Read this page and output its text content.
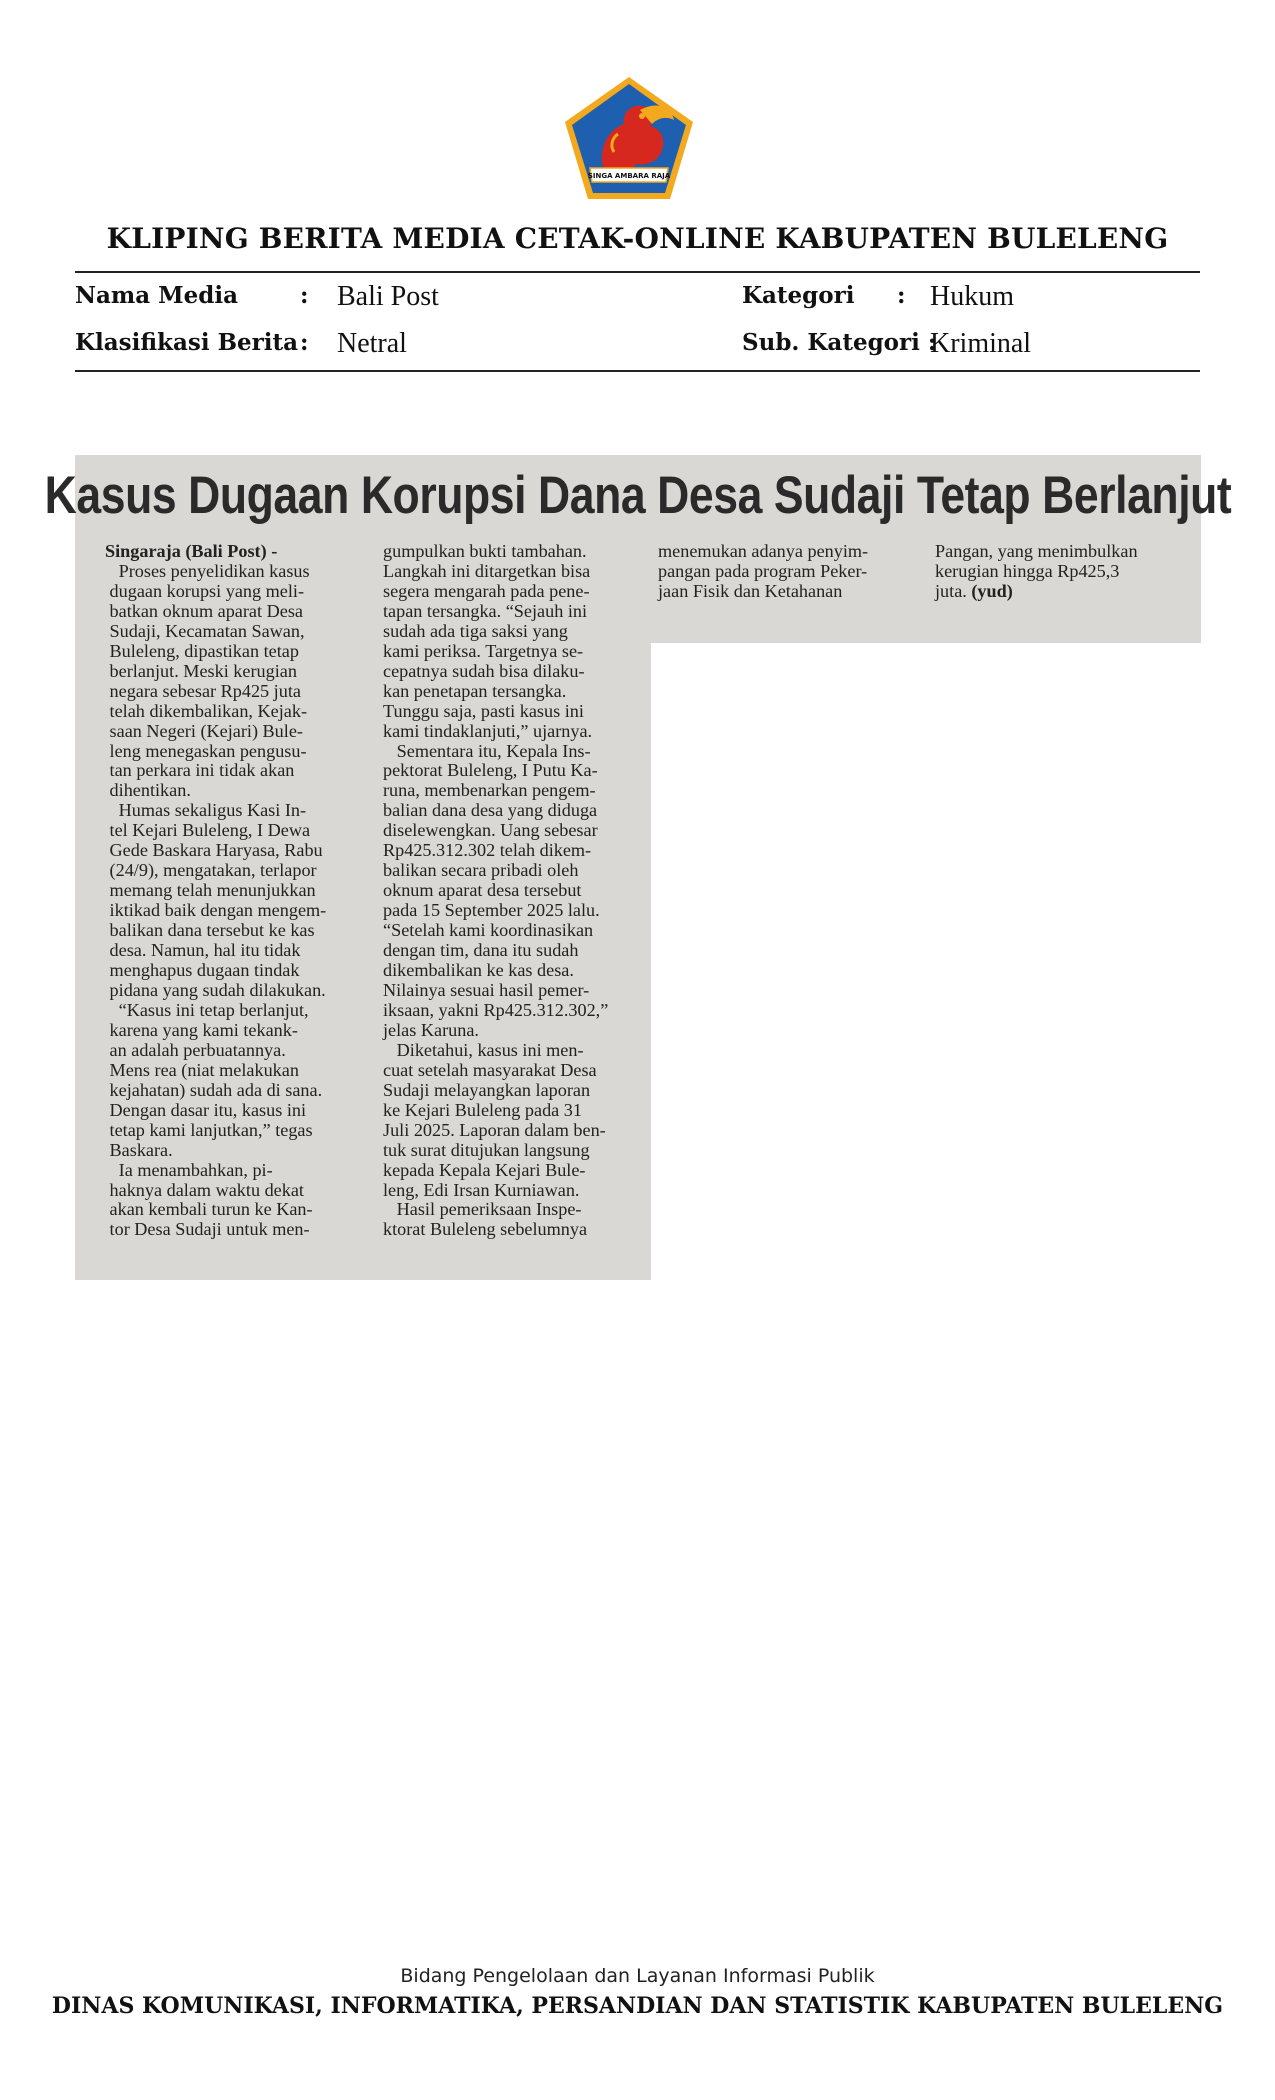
SINGA AMBARA RAJA
KLIPING BERITA MEDIA CETAK-ONLINE KABUPATEN BULELENG
Nama Media	: Bali Post
Klasifikasi Berita : Netral
Kategori : Hukum
Sub. Kategori :
Kriminal
Kasus Dugaan Korupsi Dana Desa Sudaji Tetap Berlanjut
Singaraja (Bali Post) -
Proses penyelidikan kasus
dugaan korupsi yang meli-
batkan oknum aparat Desa
Sudaji, Kecamatan Sawan,
Buleleng, dipastikan tetap
berlanjut. Meski kerugian
negara sebesar Rp425 juta
telah dikembalikan, Kejak-
saan Negeri (Kejari) Bule-
leng menegaskan pengusu-
tan perkara ini tidak akan
dihentikan.
Humas sekaligus Kasi In-
tel Kejari Buleleng, I Dewa
Gede Baskara Haryasa, Rabu
(24/9), mengatakan, terlapor
memang telah menunjukkan
iktikad baik dengan mengem-
balikan dana tersebut ke kas
desa. Namun, hal itu tidak
menghapus dugaan tindak
pidana yang sudah dilakukan.
“Kasus ini tetap berlanjut,
karena yang kami tekank-
an adalah perbuatannya.
Mens rea (niat melakukan
kejahatan) sudah ada di sana.
Dengan dasar itu, kasus ini
tetap kami lanjutkan,” tegas
Baskara.
Ia menambahkan, pi-
haknya dalam waktu dekat
akan kembali turun ke Kan-
tor Desa Sudaji untuk men-
gumpulkan bukti tambahan.
Langkah ini ditargetkan bisa
segera mengarah pada pene-
tapan tersangka. “Sejauh ini
sudah ada tiga saksi yang
kami periksa. Targetnya se-
cepatnya sudah bisa dilaku-
kan penetapan tersangka.
Tunggu saja, pasti kasus ini
kami tindaklanjuti,” ujarnya.
Sementara itu, Kepala Ins-
pektorat Buleleng, I Putu Ka-
runa, membenarkan pengem-
balian dana desa yang diduga
diselewengkan. Uang sebesar
Rp425.312.302 telah dikem-
balikan secara pribadi oleh
oknum aparat desa tersebut
pada 15 September 2025 lalu.
“Setelah kami koordinasikan
dengan tim, dana itu sudah
dikembalikan ke kas desa.
Nilainya sesuai hasil pemer-
iksaan, yakni Rp425.312.302,”
jelas Karuna.
Diketahui, kasus ini men-
cuat setelah masyarakat Desa
Sudaji melayangkan laporan
ke Kejari Buleleng pada 31
Juli 2025. Laporan dalam ben-
tuk surat ditujukan langsung
kepada Kepala Kejari Bule-
leng, Edi Irsan Kurniawan.
Hasil pemeriksaan Inspe-
ktorat Buleleng sebelumnya
menemukan adanya penyim-
pangan pada program Peker-
jaan Fisik dan Ketahanan
Pangan, yang menimbulkan
kerugian hingga Rp425,3
juta. (yud)
Bidang Pengelolaan dan Layanan Informasi Publik
DINAS KOMUNIKASI, INFORMATIKA, PERSANDIAN DAN STATISTIK KABUPATEN BULELENG
